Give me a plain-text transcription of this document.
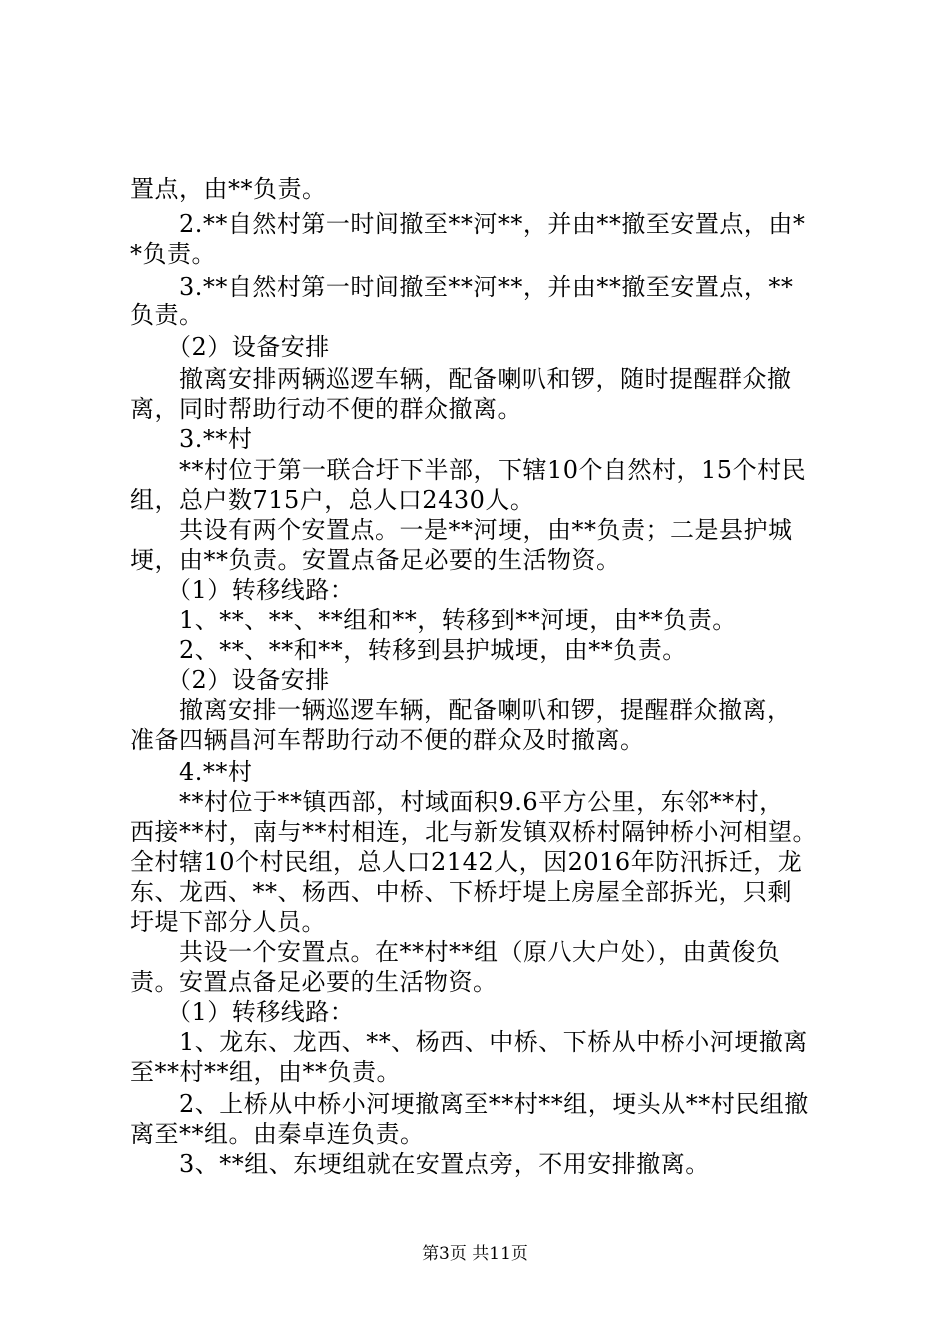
置点，由**负责。
　　2.**自然村第一时间撤至**河**，并由**撤至安置点，由*
*负责。
　　3.**自然村第一时间撤至**河**，并由**撤至安置点，**
负责。
　　（2）设备安排
　　撤离安排两辆巡逻车辆，配备喇叭和锣，随时提醒群众撤
离，同时帮助行动不便的群众撤离。
　　3.**村
　　**村位于第一联合圩下半部，下辖10个自然村，15个村民
组，总户数715户，总人口2430人。
　　共设有两个安置点。一是**河埂，由**负责；二是县护城
埂，由**负责。安置点备足必要的生活物资。
　　（1）转移线路：
　　1、**、**、**组和**，转移到**河埂，由**负责。
　　2、**、**和**，转移到县护城埂，由**负责。
　　（2）设备安排
　　撤离安排一辆巡逻车辆，配备喇叭和锣，提醒群众撤离，
准备四辆昌河车帮助行动不便的群众及时撤离。
　　4.**村
　　**村位于**镇西部，村域面积9.6平方公里，东邻**村，
西接**村，南与**村相连，北与新发镇双桥村隔钟桥小河相望。
全村辖10个村民组，总人口2142人，因2016年防汛拆迁，龙
东、龙西、**、杨西、中桥、下桥圩堤上房屋全部拆光，只剩
圩堤下部分人员。
　　共设一个安置点。在**村**组（原八大户处），由黄俊负
责。安置点备足必要的生活物资。
　　（1）转移线路：
　　1、龙东、龙西、**、杨西、中桥、下桥从中桥小河埂撤离
至**村**组，由**负责。
　　2、上桥从中桥小河埂撤离至**村**组，埂头从**村民组撤
离至**组。由秦卓连负责。
　　3、**组、东埂组就在安置点旁，不用安排撤离。
第3页 共11页
